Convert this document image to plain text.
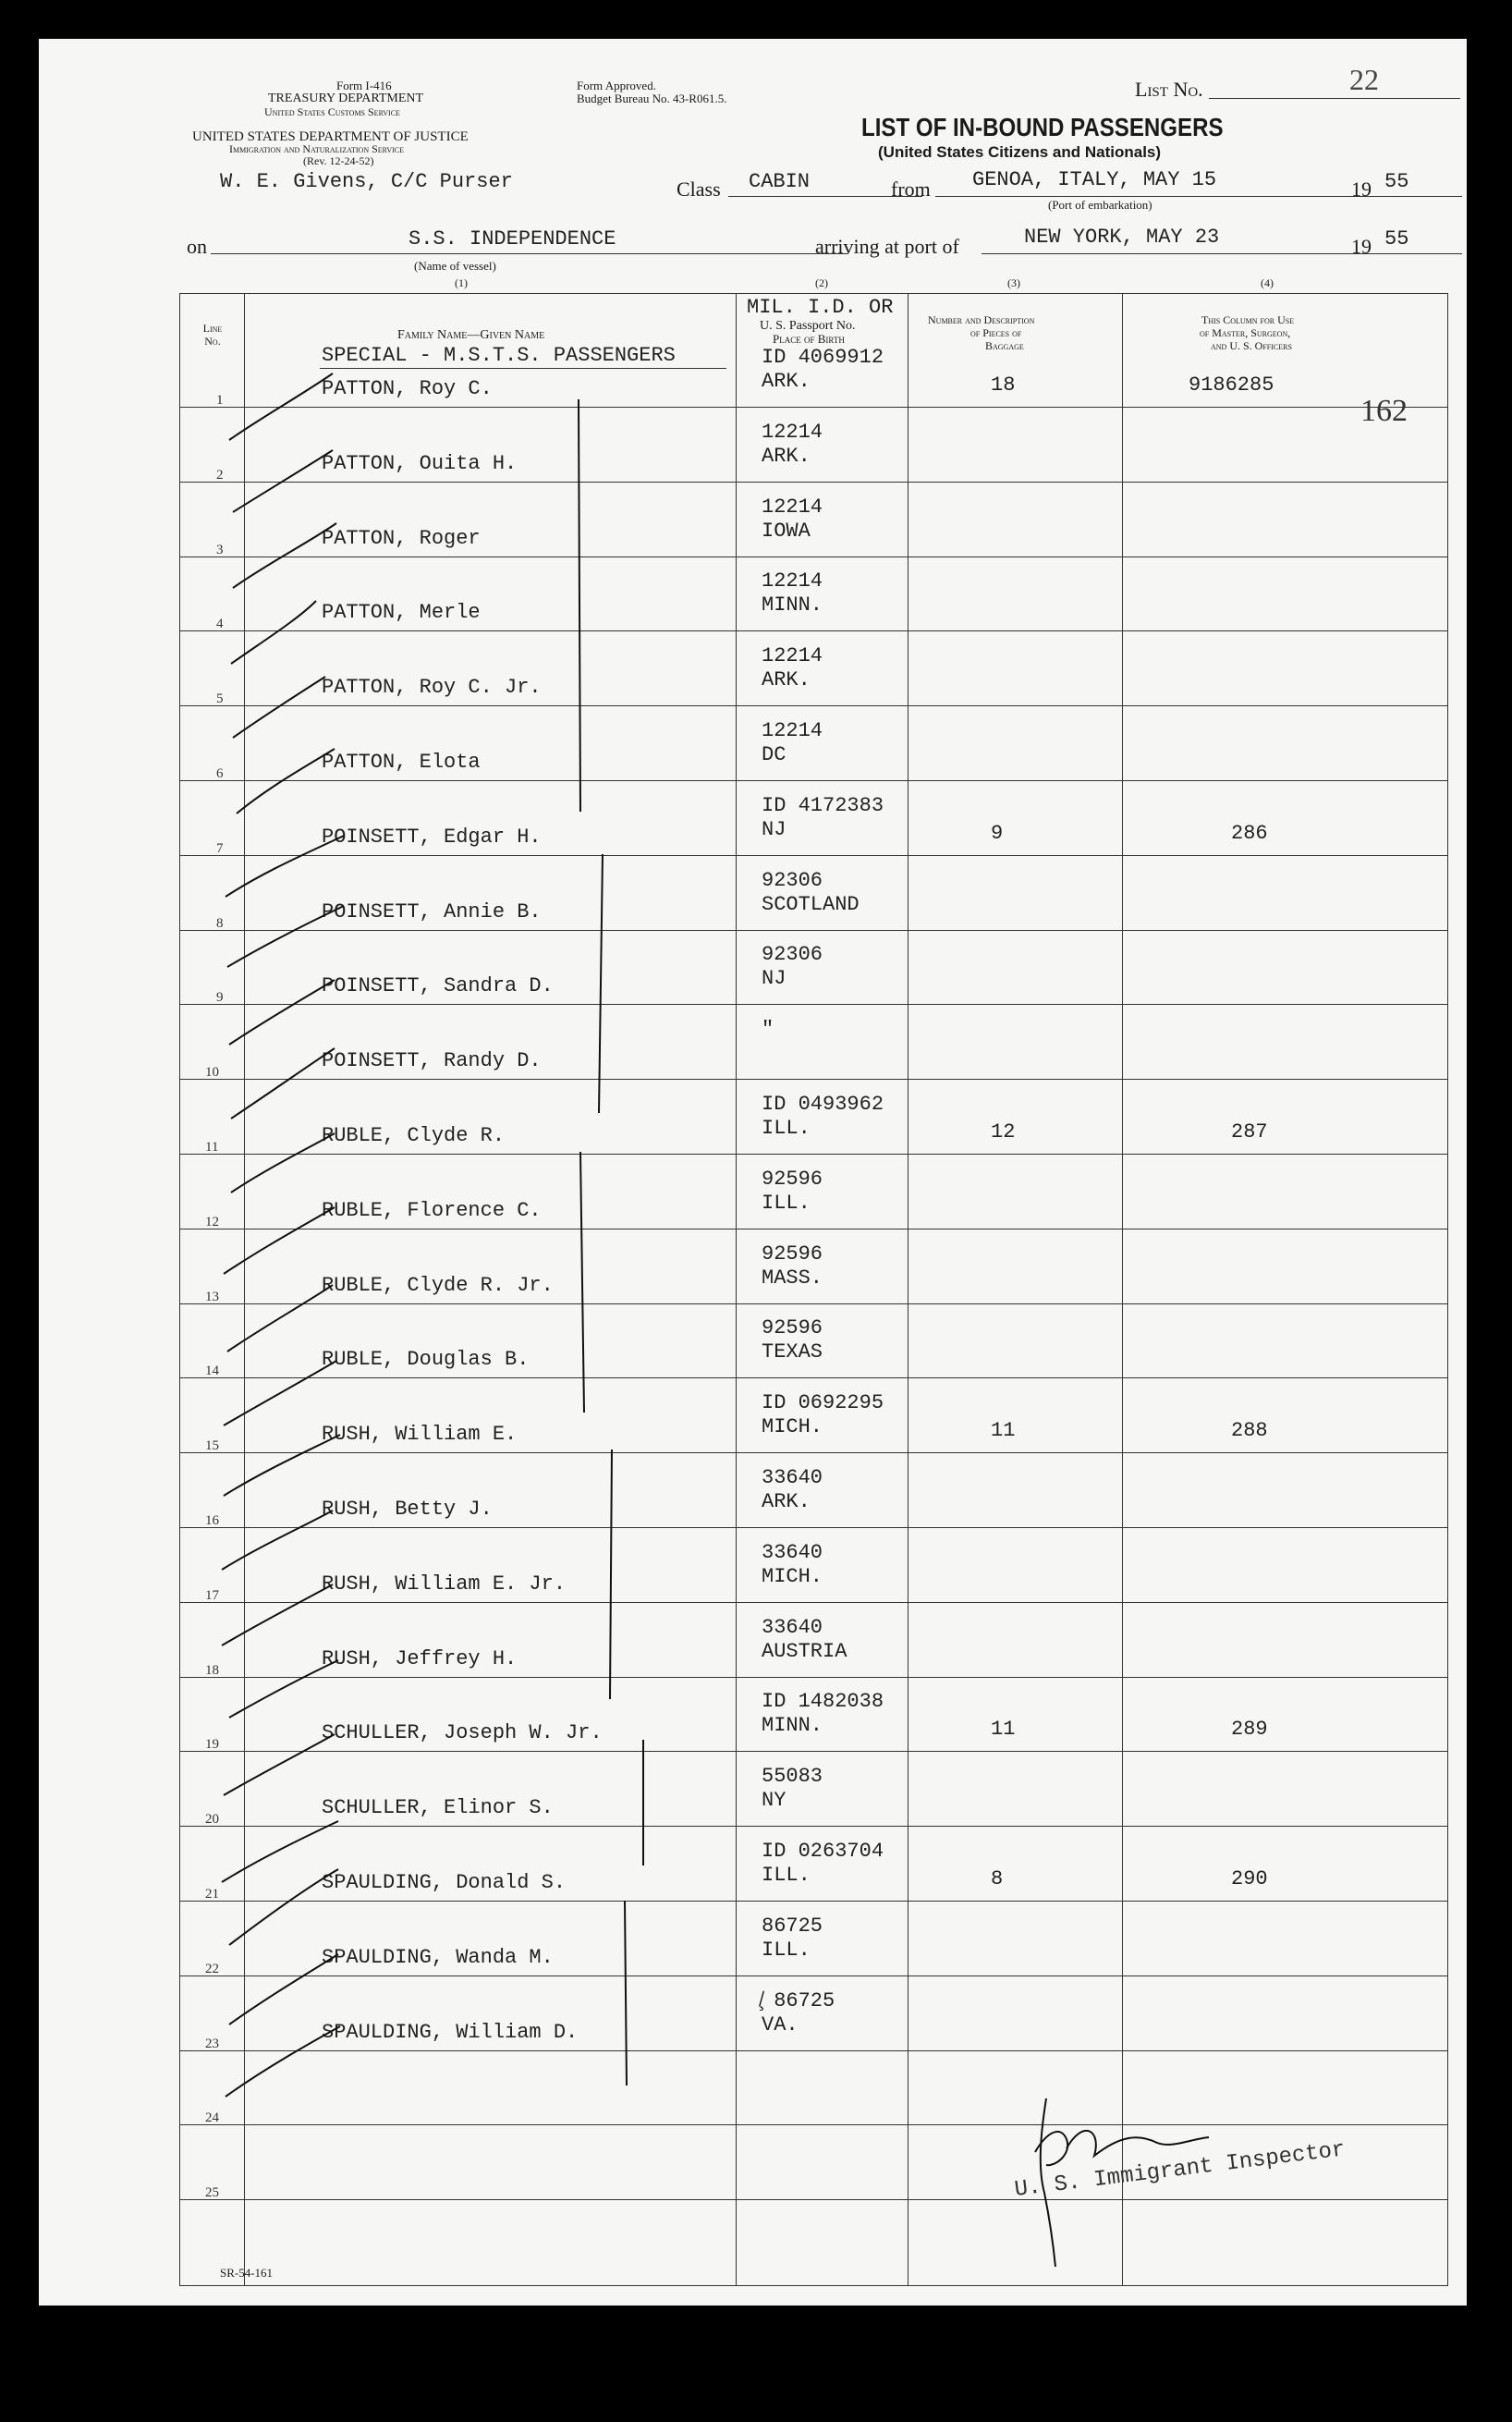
Form I-416
TREASURY DEPARTMENT
United States Customs Service
UNITED STATES DEPARTMENT OF JUSTICE
Immigration and Naturalization Service
(Rev. 12-24-52)
W. E. Givens, C/C Purser
Form Approved.
Budget Bureau No. 43-R061.5.	List No.	22
LIST OF IN-BOUND PASSENGERS
(United States Citizens and Nationals)
Class CABIN	from GENOA, ITALY, MAY 15	19 55
(Port of embarkation)
on	S.S. INDEPENDENCE
(Name of vessel)
arriving at port of	NEW YORK, MAY 23	19 55
(1)	(2)	(3)	(4)
Line No.	Family Name—Given Name
SPECIAL - M.S.T.S. PASSENGERS
MIL. I.D. OR
U. S. Passport No.
Place of Birth
Number and Description
of Pieces of
Baggage
This Column for Use
of Master, Surgeon,
and U. S. Officers
1	PATTON, Roy C.
ID 4069912
ARK.	18	9186285
2	PATTON, Ouita H.
12214
ARK.
3	PATTON, Roger
12214
IOWA
4	PATTON, Merle
12214
MINN.
5	PATTON, Roy C. Jr.
12214
ARK.
6	PATTON, Elota
12214
DC
7	POINSETT, Edgar H.
ID 4172383
NJ	9	286
8	POINSETT, Annie B.
92306
SCOTLAND
9	POINSETT, Sandra D.
92306
NJ
10	POINSETT, Randy D.
"
11	RUBLE, Clyde R.
ID 0493962
ILL.	12	287
12	RUBLE, Florence C.
92596
ILL.
13	RUBLE, Clyde R. Jr.
92596
MASS.
14	RUBLE, Douglas B.
92596
TEXAS
15	RUSH, William E.
ID 0692295
MICH.	11	288
16	RUSH, Betty J.
33640
ARK.
17	RUSH, William E. Jr.
33640
MICH.
18	RUSH, Jeffrey H.
33640
AUSTRIA
19	SCHULLER, Joseph W. Jr.
ID 1482038
MINN.	11	289
20	SCHULLER, Elinor S.
55083
NY
21	SPAULDING, Donald S.
ID 0263704
ILL.	8	290
22	SPAULDING, Wanda M.
86725
ILL.
23	SPAULDING, William D.
̸̧ 86725
VA.
24
25
162
U. S. Immigrant Inspector
SR-54-161
